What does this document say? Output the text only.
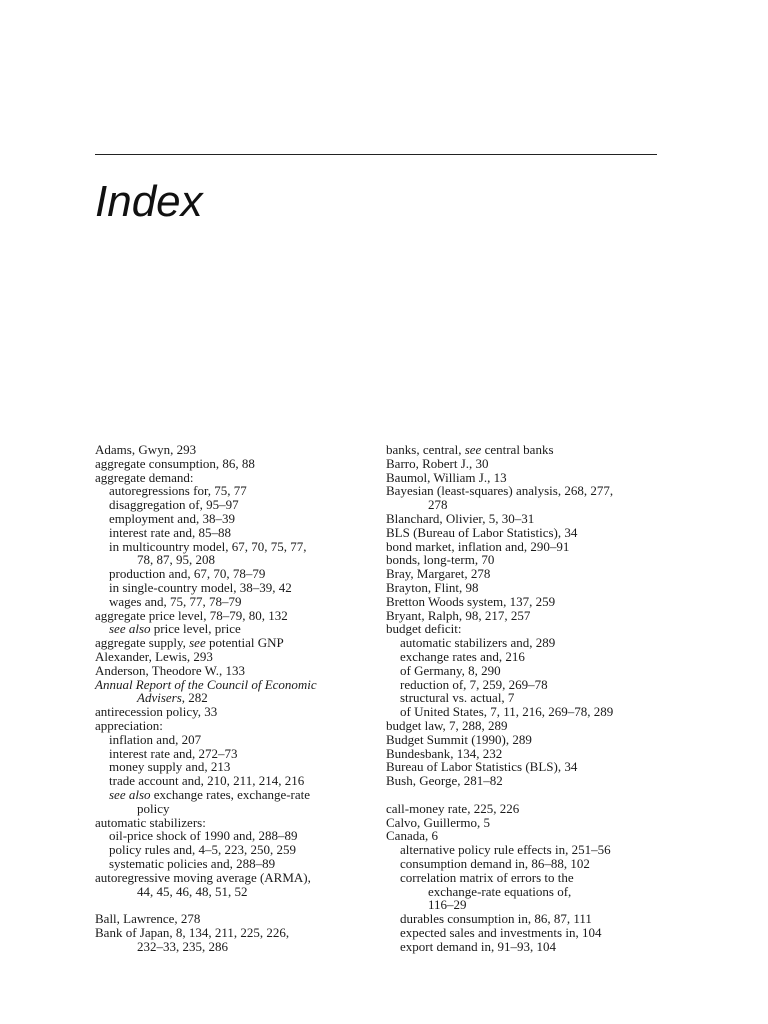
Index
Adams, Gwyn, 293
aggregate consumption, 86, 88
aggregate demand:
autoregressions for, 75, 77
disaggregation of, 95–97
employment and, 38–39
interest rate and, 85–88
in multicountry model, 67, 70, 75, 77,
78, 87, 95, 208
production and, 67, 70, 78–79
in single-country model, 38–39, 42
wages and, 75, 77, 78–79
aggregate price level, 78–79, 80, 132
see also price level, price
aggregate supply, see potential GNP
Alexander, Lewis, 293
Anderson, Theodore W., 133
Annual Report of the Council of Economic
Advisers, 282
antirecession policy, 33
appreciation:
inflation and, 207
interest rate and, 272–73
money supply and, 213
trade account and, 210, 211, 214, 216
see also exchange rates, exchange-rate
policy
automatic stabilizers:
oil-price shock of 1990 and, 288–89
policy rules and, 4–5, 223, 250, 259
systematic policies and, 288–89
autoregressive moving average (ARMA),
44, 45, 46, 48, 51, 52
Ball, Lawrence, 278
Bank of Japan, 8, 134, 211, 225, 226,
232–33, 235, 286
banks, central, see central banks
Barro, Robert J., 30
Baumol, William J., 13
Bayesian (least-squares) analysis, 268, 277,
278
Blanchard, Olivier, 5, 30–31
BLS (Bureau of Labor Statistics), 34
bond market, inflation and, 290–91
bonds, long-term, 70
Bray, Margaret, 278
Brayton, Flint, 98
Bretton Woods system, 137, 259
Bryant, Ralph, 98, 217, 257
budget deficit:
automatic stabilizers and, 289
exchange rates and, 216
of Germany, 8, 290
reduction of, 7, 259, 269–78
structural vs. actual, 7
of United States, 7, 11, 216, 269–78, 289
budget law, 7, 288, 289
Budget Summit (1990), 289
Bundesbank, 134, 232
Bureau of Labor Statistics (BLS), 34
Bush, George, 281–82
call-money rate, 225, 226
Calvo, Guillermo, 5
Canada, 6
alternative policy rule effects in, 251–56
consumption demand in, 86–88, 102
correlation matrix of errors to the
exchange-rate equations of,
116–29
durables consumption in, 86, 87, 111
expected sales and investments in, 104
export demand in, 91–93, 104
